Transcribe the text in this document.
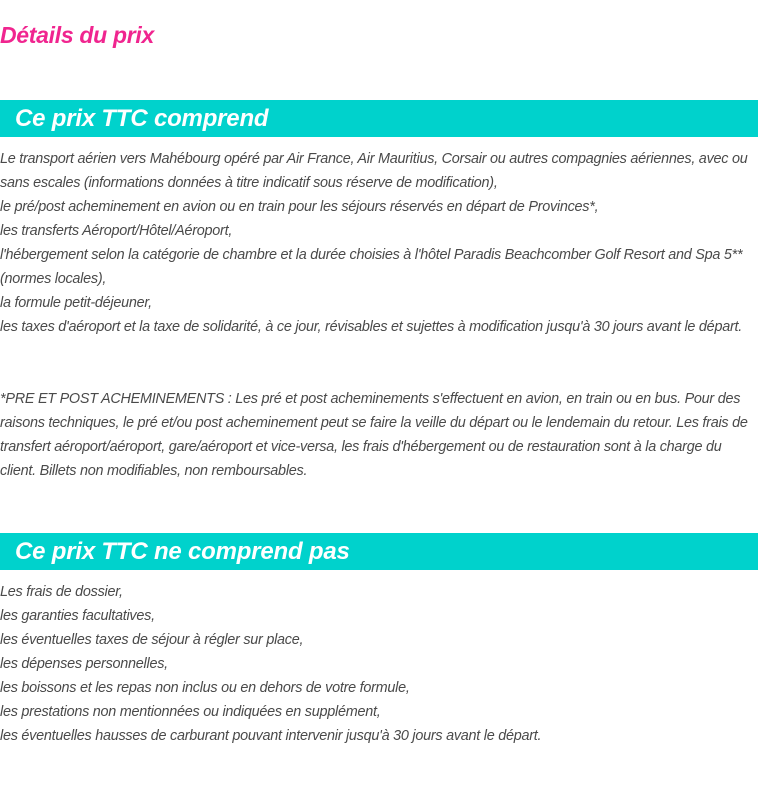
Détails du prix
Ce prix TTC comprend

Le transport aérien vers Mahébourg opéré par Air France, Air Mauritius, Corsair ou autres compagnies aériennes, avec ou sans escales (informations données à titre indicatif sous réserve de modification),

le pré/post acheminement en avion ou en train pour les séjours réservés en départ de Provinces*,

les transferts Aéroport/Hôtel/Aéroport,

l'hébergement selon la catégorie de chambre et la durée choisies à l'hôtel Paradis Beachcomber Golf Resort and Spa 5** (normes locales),

la formule petit-déjeuner,

les taxes d'aéroport et la taxe de solidarité, à ce jour, révisables et sujettes à modification jusqu'à 30 jours avant le départ.

*PRE ET POST ACHEMINEMENTS : Les pré et post acheminements s'effectuent en avion, en train ou en bus. Pour des raisons techniques, le pré et/ou post acheminement peut se faire la veille du départ ou le lendemain du retour. Les frais de transfert aéroport/aéroport, gare/aéroport et vice-versa, les frais d'hébergement ou de restauration sont à la charge du client. Billets non modifiables, non remboursables.

Ce prix TTC ne comprend pas

Les frais de dossier,

les garanties facultatives,

les éventuelles taxes de séjour à régler sur place,

les dépenses personnelles,

les boissons et les repas non inclus ou en dehors de votre formule,

les prestations non mentionnées ou indiquées en supplément,

les éventuelles hausses de carburant pouvant intervenir jusqu'à 30 jours avant le départ.
